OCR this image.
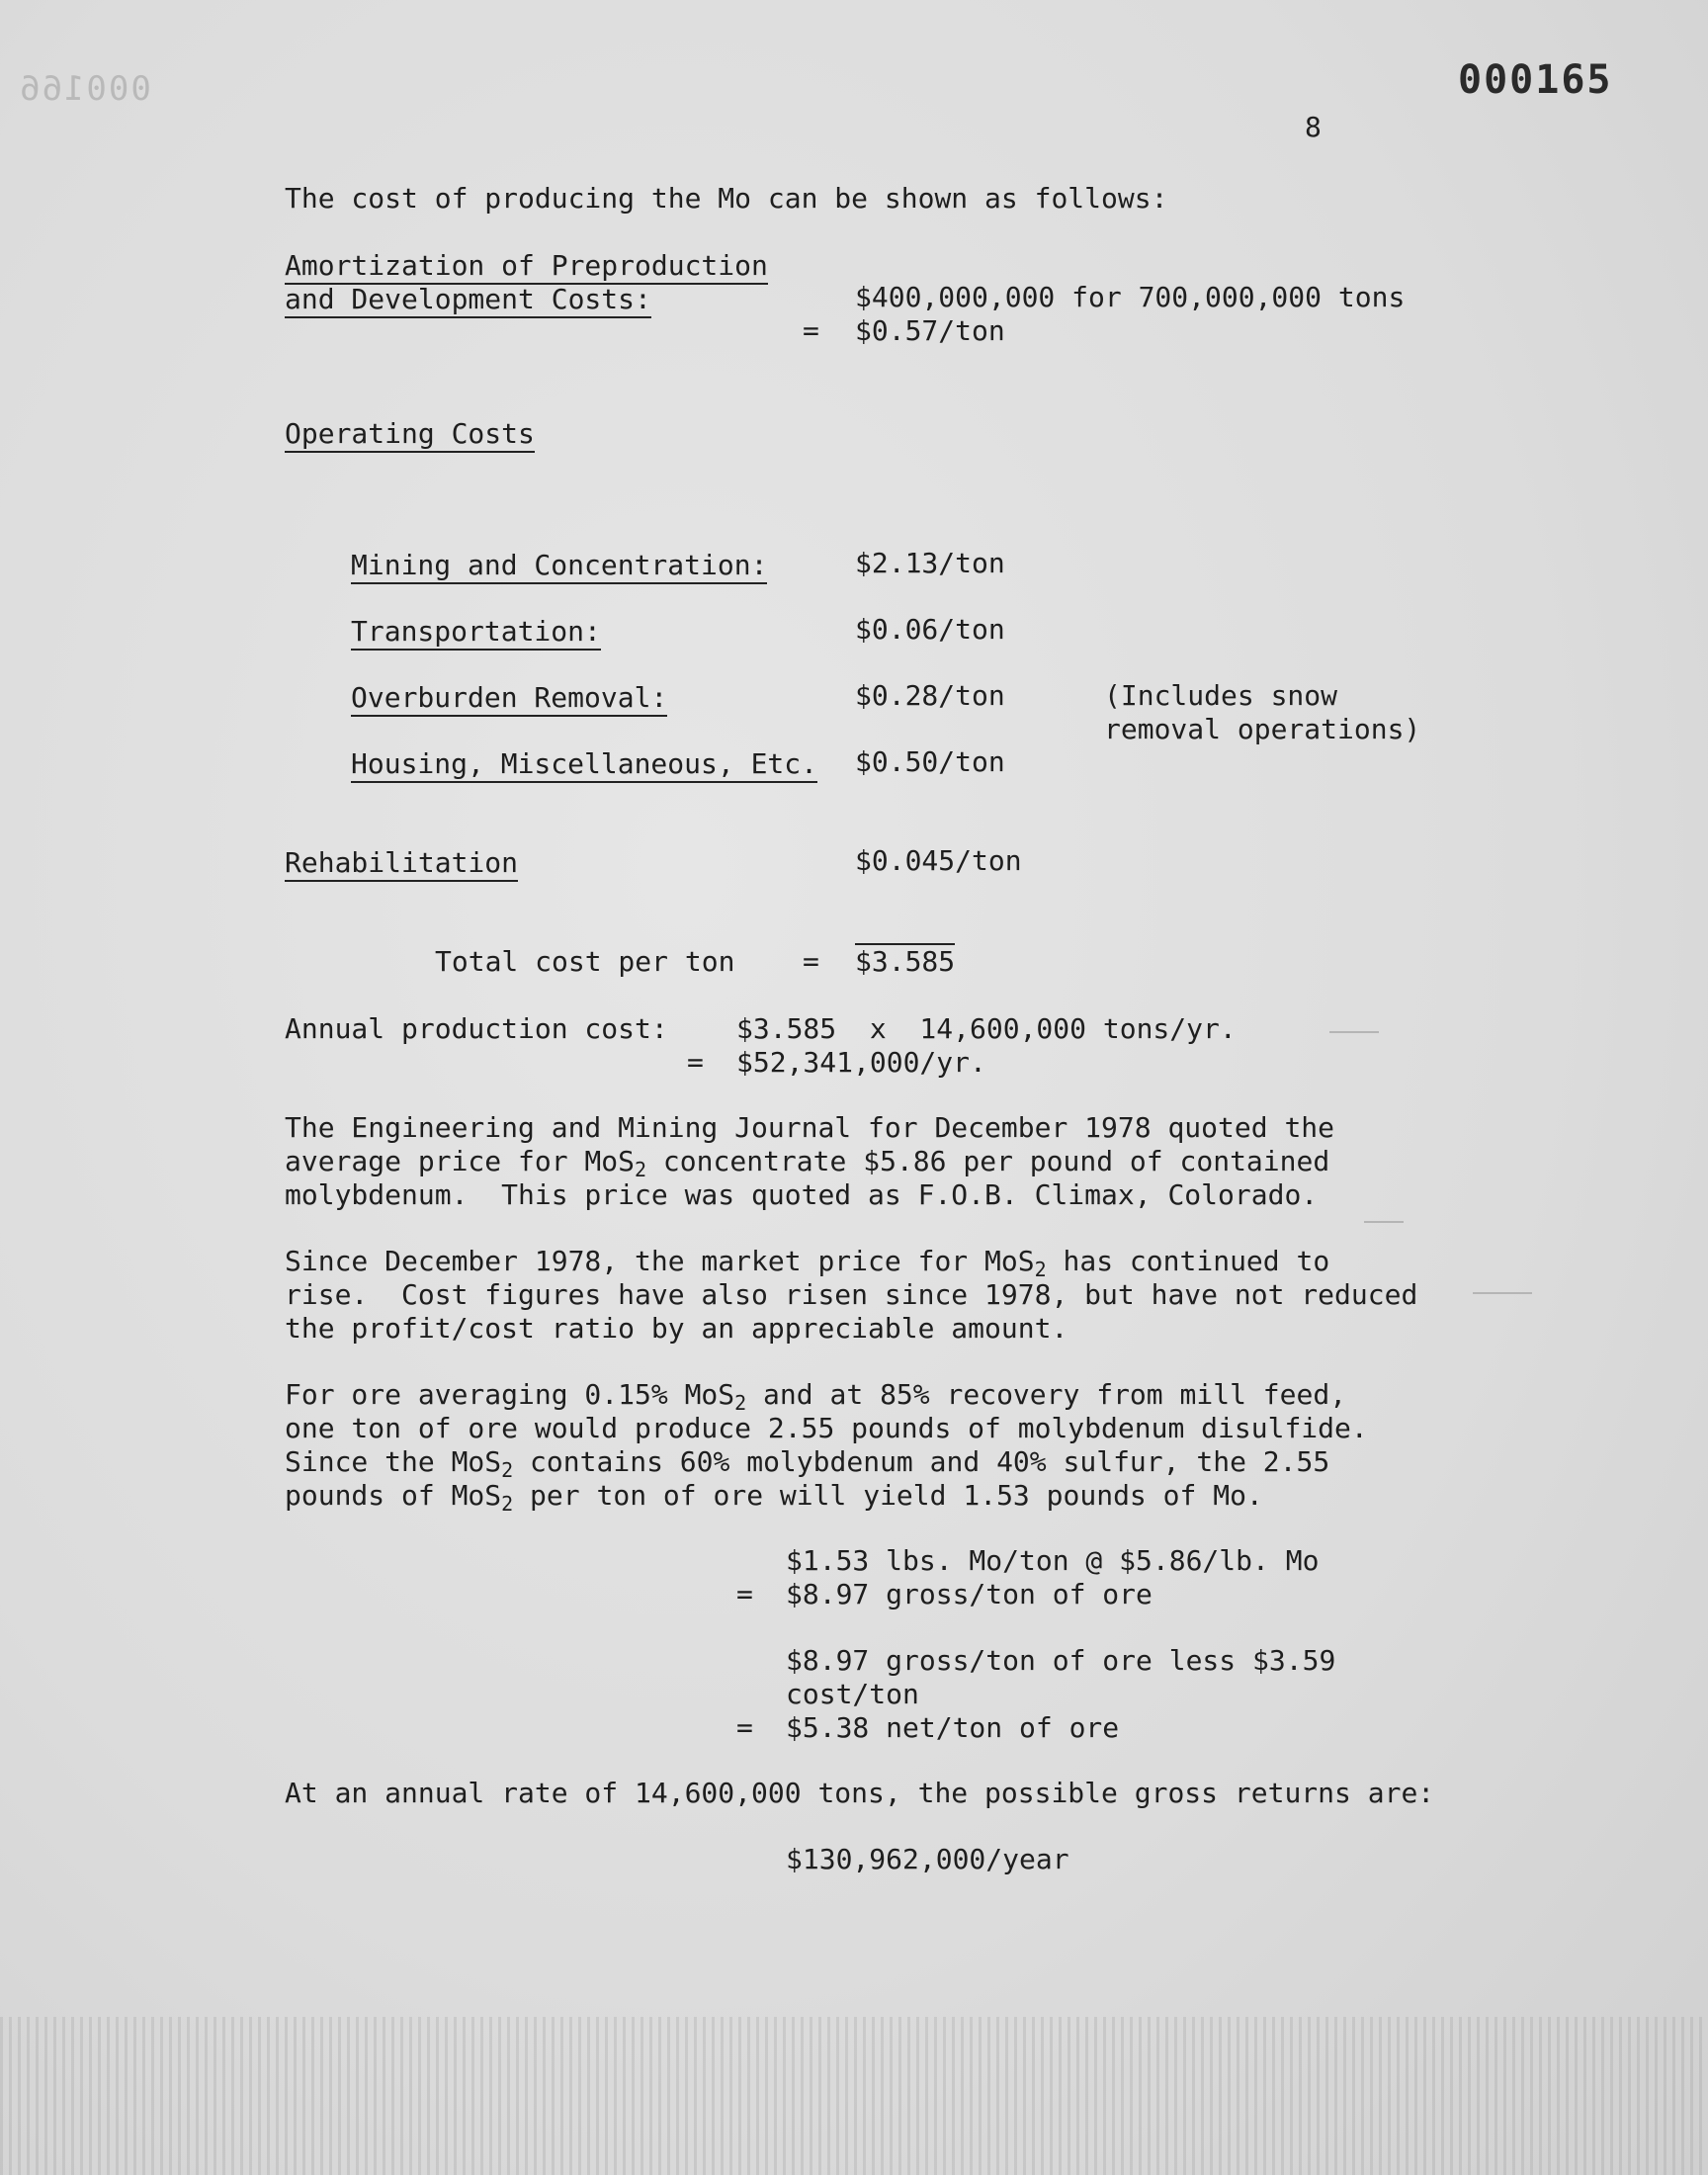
000166	000165
8
The cost of producing the Mo can be shown as follows:
Amortization of Preproduction
and Development Costs:	$400,000,000 for 700,000,000 tons
= $0.57/ton
Operating Costs
Mining and Concentration:	$2.13/ton
Transportation:	$0.06/ton
Overburden Removal:	$0.28/ton	(Includes snow
removal operations)
Housing, Miscellaneous, Etc. $0.50/ton
Rehabilitation	$0.045/ton
Total cost per ton = $3.585
Annual production cost: $3.585  x  14,600,000 tons/yr.
= $52,341,000/yr.
The Engineering and Mining Journal for December 1978 quoted the
average price for MoS$_2$ concentrate $5.86 per pound of contained
molybdenum.  This price was quoted as F.O.B. Climax, Colorado.
Since December 1978, the market price for MoS$_2$ has continued to
rise.  Cost figures have also risen since 1978, but have not reduced
the profit/cost ratio by an appreciable amount.
For ore averaging 0.15% MoS$_2$ and at 85% recovery from mill feed,
one ton of ore would produce 2.55 pounds of molybdenum disulfide.
Since the MoS$_2$ contains 60% molybdenum and 40% sulfur, the 2.55
pounds of MoS$_2$ per ton of ore will yield 1.53 pounds of Mo.
$1.53 lbs. Mo/ton @ $5.86/lb. Mo
= $8.97 gross/ton of ore
$8.97 gross/ton of ore less $3.59
cost/ton
= $5.38 net/ton of ore
At an annual rate of 14,600,000 tons, the possible gross returns are:
$130,962,000/year
